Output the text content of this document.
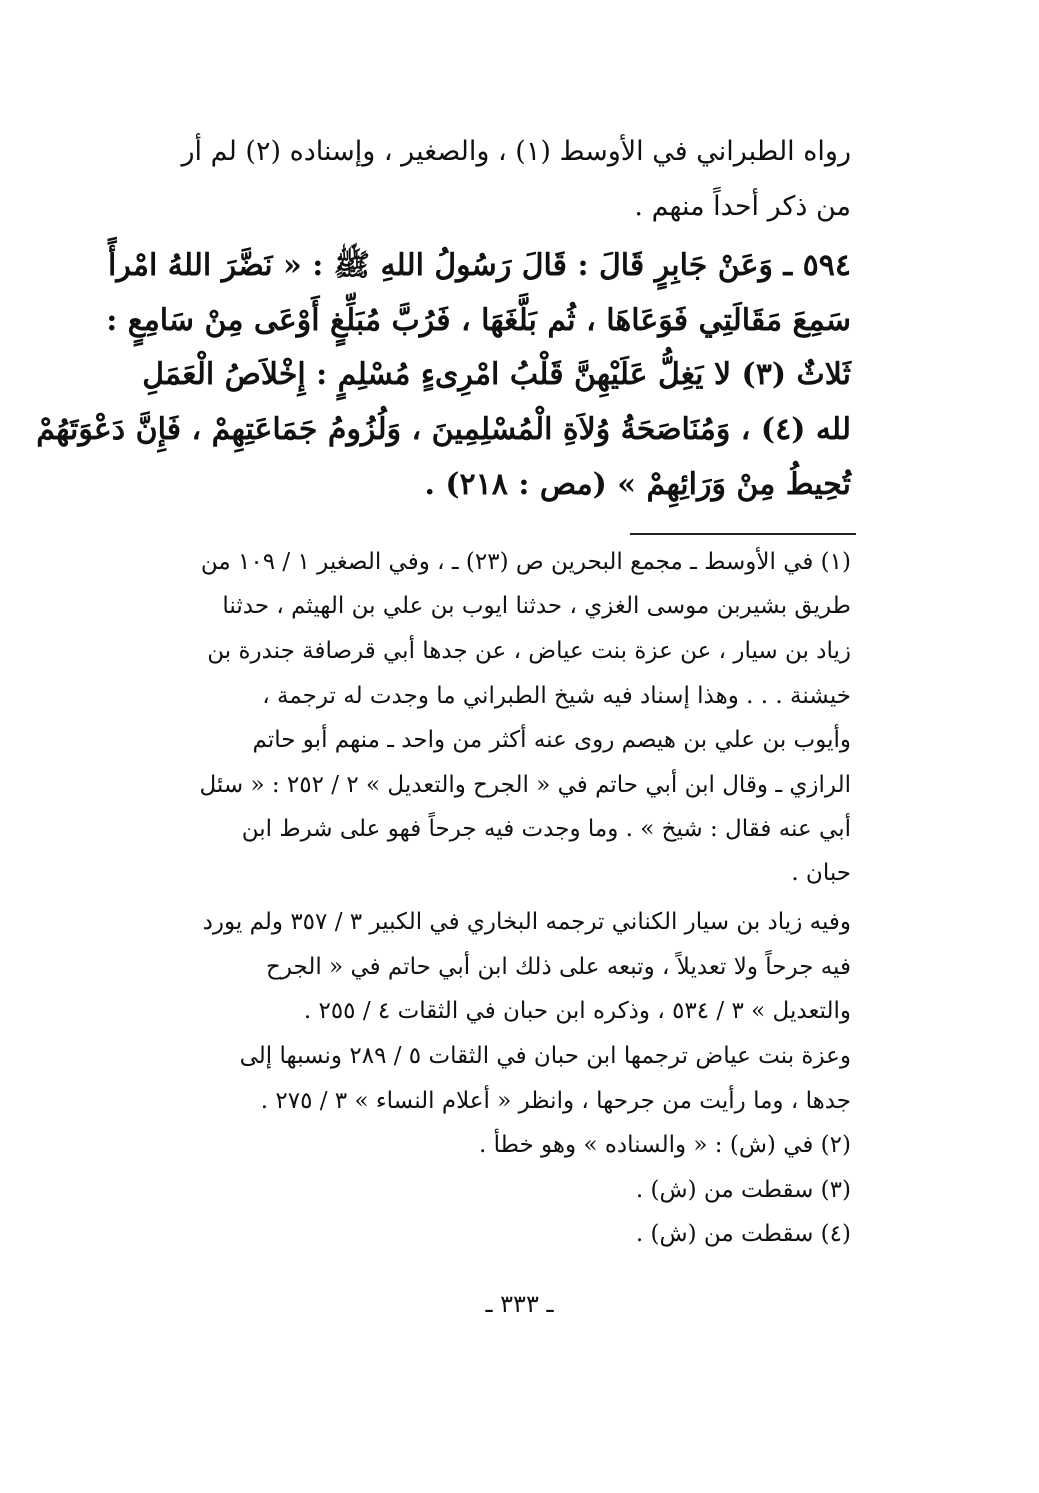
رواه الطبراني في الأوسط (١) ، والصغير ، وإسناده (٢) لم أر
من ذكر أحداً منهم .
٥٩٤ ـ وَعَنْ جَابِرٍ قَالَ : قَالَ رَسُولُ اللهِ ﷺ : « نَضَّرَ اللهُ امْرأً
سَمِعَ مَقَالَتِي فَوَعَاهَا ، ثُم بَلَّغَهَا ، فَرُبَّ مُبَلِّغٍ أَوْعَى مِنْ سَامِعٍ :
ثَلاثٌ (٣) لا يَغِلُّ عَلَيْهِنَّ قَلْبُ امْرِىءٍ مُسْلِمٍ : إِخْلاَصُ الْعَمَلِ
لله (٤) ، وَمُنَاصَحَةُ وُلاَةِ الْمُسْلِمِينَ ، وَلُزُومُ جَمَاعَتِهِمْ ، فَإِنَّ دَعْوَتَهُمْ
تُحِيطُ مِنْ وَرَائِهِمْ » (مص : ٢١٨) .
(١) في الأوسط ـ مجمع البحرين ص (٢٣) ـ ، وفي الصغير ١ / ١٠٩ من
طريق بشيربن موسى الغزي ، حدثنا ايوب بن علي بن الهيثم ، حدثنا
زياد بن سيار ، عن عزة بنت عياض ، عن جدها أبي قرصافة جندرة بن
خيشنة . . . وهذا إسناد فيه شيخ الطبراني ما وجدت له ترجمة ،
وأيوب بن علي بن هيصم روى عنه أكثر من واحد ـ منهم أبو حاتم
الرازي ـ وقال ابن أبي حاتم في « الجرح والتعديل » ٢ / ٢٥٢ : « سئل
أبي عنه فقال : شيخ » . وما وجدت فيه جرحاً فهو على شرط ابن
حبان .
وفيه زياد بن سيار الكناني ترجمه البخاري في الكبير ٣ / ٣٥٧ ولم يورد
فيه جرحاً ولا تعديلاً ، وتبعه على ذلك ابن أبي حاتم في « الجرح
والتعديل » ٣ / ٥٣٤ ، وذكره ابن حبان في الثقات ٤ / ٢٥٥ .
وعزة بنت عياض ترجمها ابن حبان في الثقات ٥ / ٢٨٩ ونسبها إلى
جدها ، وما رأيت من جرحها ، وانظر « أعلام النساء » ٣ / ٢٧٥ .
(٢) في (ش) : « والسناده » وهو خطأ .
(٣) سقطت من (ش) .
(٤) سقطت من (ش) .
ـ ٣٣٣ ـ
